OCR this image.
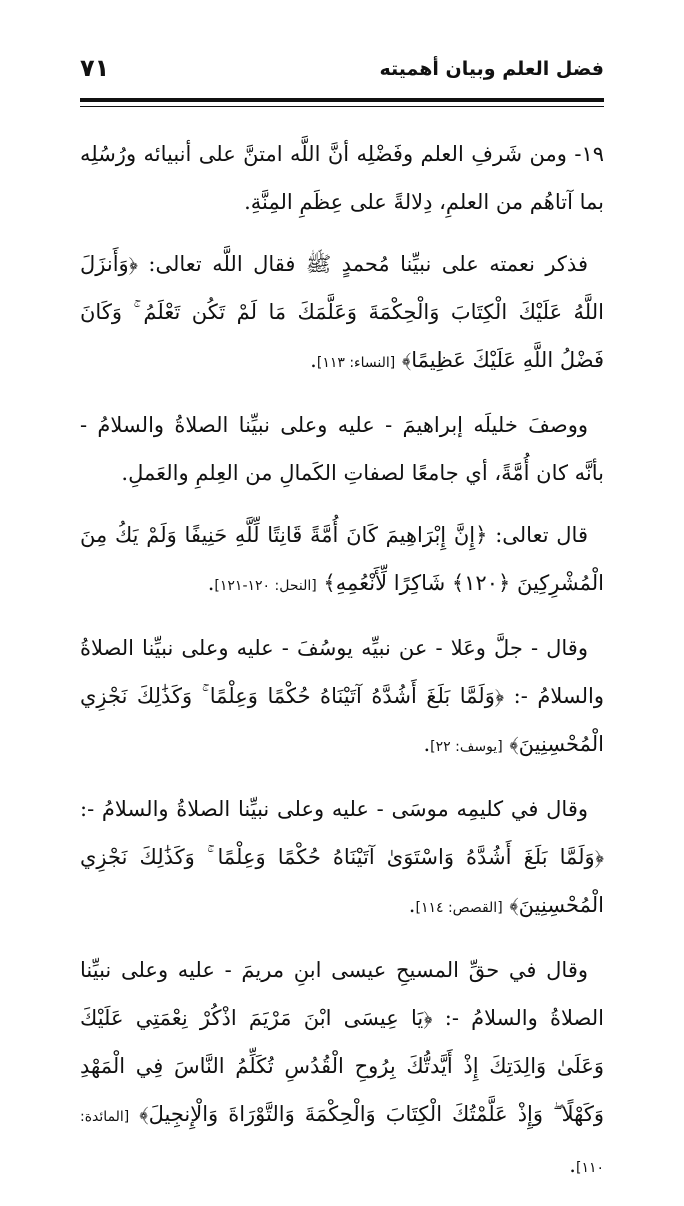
فضل العلم وبيان أهميته
٧١

١٩- ومن شَرفِ العلم وفَضْلِه أنَّ اللَّه امتنَّ على أنبيائه ورُسُلِه بما آتاهُم من العلمِ، دِلالةً على عِظَمِ المِنَّةِ.

فذكر نعمته على نبيِّنا مُحمدٍ ﷺ فقال اللَّه تعالى: ﴿وَأَنزَلَ اللَّهُ عَلَيْكَ الْكِتَابَ وَالْحِكْمَةَ وَعَلَّمَكَ مَا لَمْ تَكُن تَعْلَمُ ۚ وَكَانَ فَضْلُ اللَّهِ عَلَيْكَ عَظِيمًا﴾ [النساء: ١١٣].

ووصفَ خليلَه إبراهيمَ - عليه وعلى نبيِّنا الصلاةُ والسلامُ - بأنَّه كان أُمَّةً، أي جامعًا لصفاتِ الكَمالِ من العِلمِ والعَملِ.

قال تعالى: ﴿إِنَّ إِبْرَاهِيمَ كَانَ أُمَّةً قَانِتًا لِّلَّهِ حَنِيفًا وَلَمْ يَكُ مِنَ الْمُشْرِكِينَ ﴿١٢٠﴾ شَاكِرًا لِّأَنْعُمِهِ﴾ [النحل: ١٢٠-١٢١].

وقال - جلَّ وعَلا - عن نبيِّه يوسُفَ - عليه وعلى نبيِّنا الصلاةُ والسلامُ -: ﴿وَلَمَّا بَلَغَ أَشُدَّهُ آتَيْنَاهُ حُكْمًا وَعِلْمًا ۚ وَكَذَٰلِكَ نَجْزِي الْمُحْسِنِينَ﴾ [يوسف: ٢٢].

وقال في كليمِه موسَى - عليه وعلى نبيِّنا الصلاةُ والسلامُ -: ﴿وَلَمَّا بَلَغَ أَشُدَّهُ وَاسْتَوَىٰ آتَيْنَاهُ حُكْمًا وَعِلْمًا ۚ وَكَذَٰلِكَ نَجْزِي الْمُحْسِنِينَ﴾ [القصص: ١١٤].

وقال في حقِّ المسيحِ عيسى ابنِ مريمَ - عليه وعلى نبيِّنا الصلاةُ والسلامُ -: ﴿يَا عِيسَى ابْنَ مَرْيَمَ اذْكُرْ نِعْمَتِي عَلَيْكَ وَعَلَىٰ وَالِدَتِكَ إِذْ أَيَّدتُّكَ بِرُوحِ الْقُدُسِ تُكَلِّمُ النَّاسَ فِي الْمَهْدِ وَكَهْلًا ۖ وَإِذْ عَلَّمْتُكَ الْكِتَابَ وَالْحِكْمَةَ وَالتَّوْرَاةَ وَالْإِنجِيلَ﴾ [المائدة: ١١٠].
